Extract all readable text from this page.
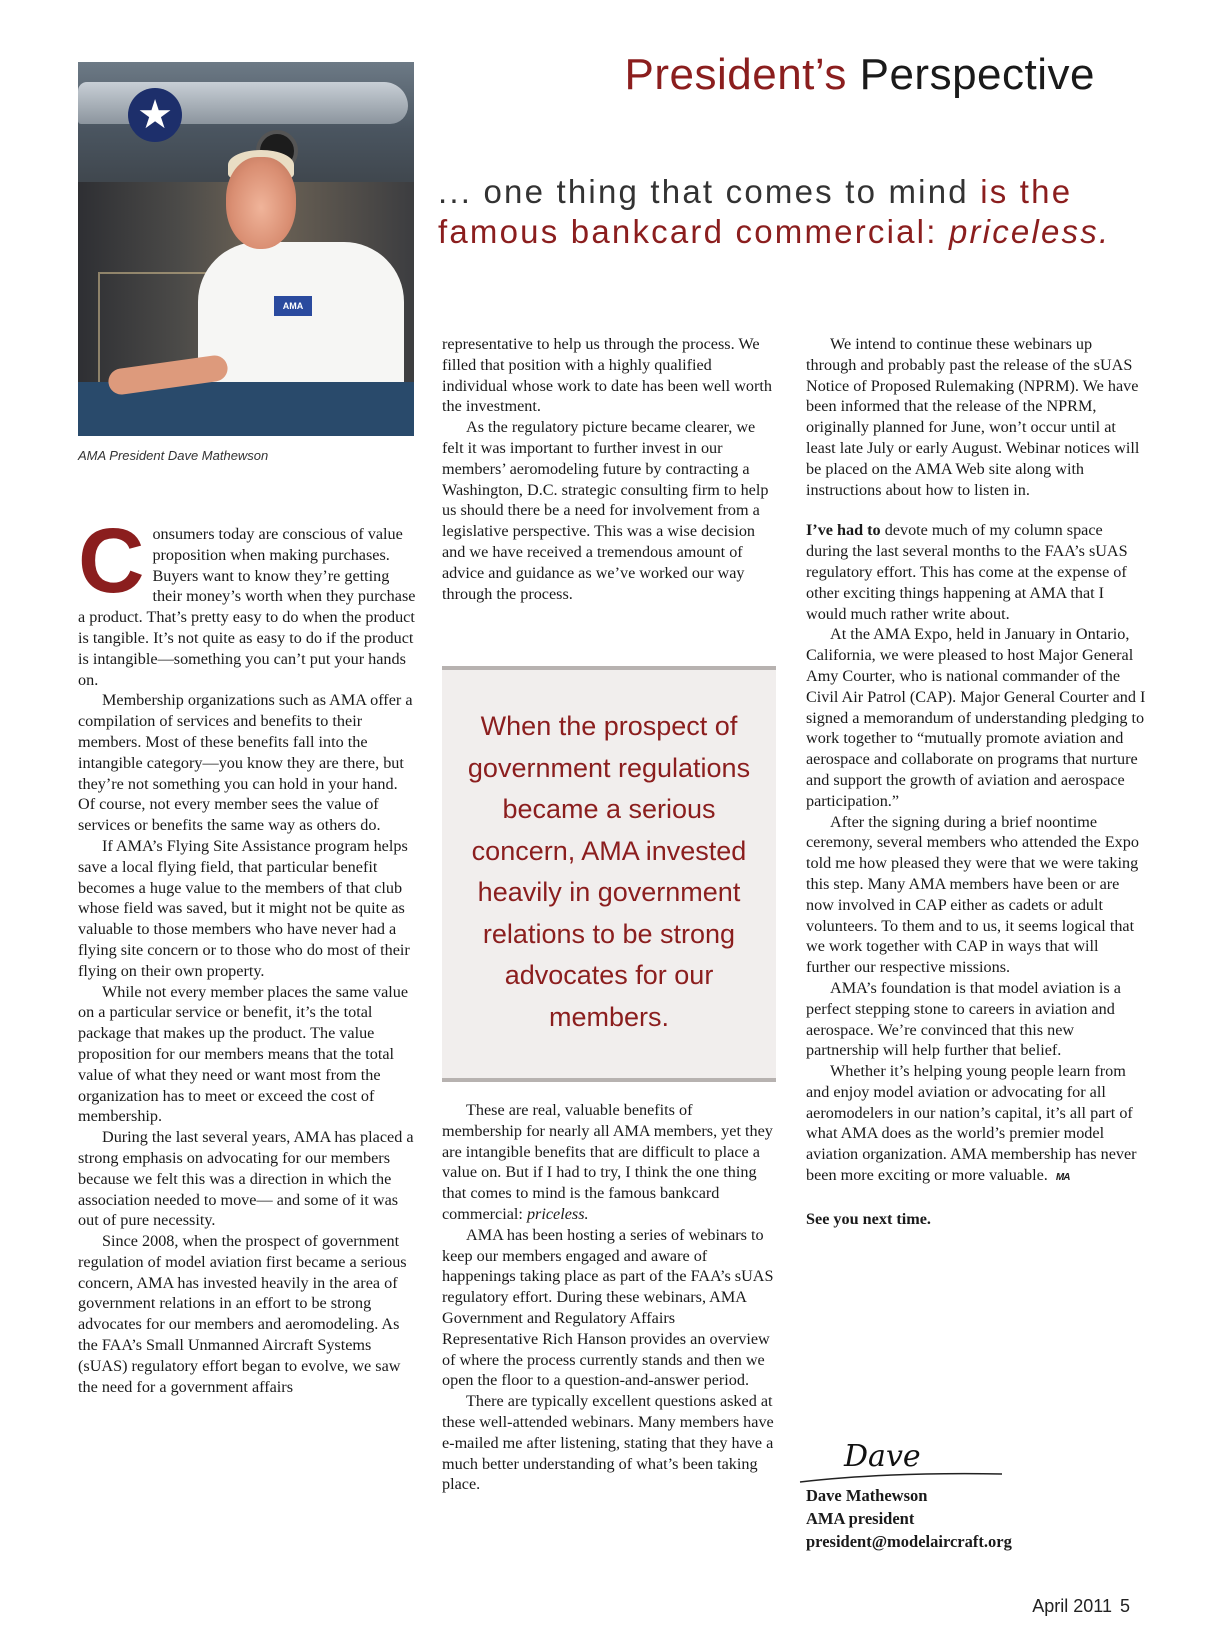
★
AMA
AMA President Dave Mathewson
President’s Perspective
... one thing that comes to mind is the famous bankcard commercial: priceless.

Consumers today are conscious of value proposition when making purchases. Buyers want to know they’re getting their money’s worth when they purchase a product. That’s pretty easy to do when the product is tangible. It’s not quite as easy to do if the product is intangible—something you can’t put your hands on.

Membership organizations such as AMA offer a compilation of services and benefits to their members. Most of these benefits fall into the intangible category—you know they are there, but they’re not something you can hold in your hand. Of course, not every member sees the value of services or benefits the same way as others do.

If AMA’s Flying Site Assistance program helps save a local flying field, that particular benefit becomes a huge value to the members of that club whose field was saved, but it might not be quite as valuable to those members who have never had a flying site concern or to those who do most of their flying on their own property.

While not every member places the same value on a particular service or benefit, it’s the total package that makes up the product. The value proposition for our members means that the total value of what they need or want most from the organization has to meet or exceed the cost of membership.

During the last several years, AMA has placed a strong emphasis on advocating for our members because we felt this was a direction in which the association needed to move— and some of it was out of pure necessity.

Since 2008, when the prospect of government regulation of model aviation first became a serious concern, AMA has invested heavily in the area of government relations in an effort to be strong advocates for our members and aeromodeling. As the FAA’s Small Unmanned Aircraft Systems (sUAS) regulatory effort began to evolve, we saw the need for a government affairs

representative to help us through the process. We filled that position with a highly qualified individual whose work to date has been well worth the investment.

As the regulatory picture became clearer, we felt it was important to further invest in our members’ aeromodeling future by contracting a Washington, D.C. strategic consulting firm to help us should there be a need for involvement from a legislative perspective. This was a wise decision and we have received a tremendous amount of advice and guidance as we’ve worked our way through the process.

When the prospect of government regulations became a serious concern, AMA invested heavily in government relations to be strong advocates for our members.

These are real, valuable benefits of membership for nearly all AMA members, yet they are intangible benefits that are difficult to place a value on. But if I had to try, I think the one thing that comes to mind is the famous bankcard commercial: priceless.

AMA has been hosting a series of webinars to keep our members engaged and aware of happenings taking place as part of the FAA’s sUAS regulatory effort. During these webinars, AMA Government and Regulatory Affairs Representative Rich Hanson provides an overview of where the process currently stands and then we open the floor to a question-and-answer period.

There are typically excellent questions asked at these well-attended webinars. Many members have e-mailed me after listening, stating that they have a much better understanding of what’s been taking place.

We intend to continue these webinars up through and probably past the release of the sUAS Notice of Proposed Rulemaking (NPRM). We have been informed that the release of the NPRM, originally planned for June, won’t occur until at least late July or early August. Webinar notices will be placed on the AMA Web site along with instructions about how to listen in.

I’ve had to devote much of my column space during the last several months to the FAA’s sUAS regulatory effort. This has come at the expense of other exciting things happening at AMA that I would much rather write about.

At the AMA Expo, held in January in Ontario, California, we were pleased to host Major General Amy Courter, who is national commander of the Civil Air Patrol (CAP). Major General Courter and I signed a memorandum of understanding pledging to work together to “mutually promote aviation and aerospace and collaborate on programs that nurture and support the growth of aviation and aerospace participation.”

After the signing during a brief noontime ceremony, several members who attended the Expo told me how pleased they were that we were taking this step. Many AMA members have been or are now involved in CAP either as cadets or adult volunteers. To them and to us, it seems logical that we work together with CAP in ways that will further our respective missions.

AMA’s foundation is that model aviation is a perfect stepping stone to careers in aviation and aerospace. We’re convinced that this new partnership will help further that belief.

Whether it’s helping young people learn from and enjoy model aviation or advocating for all aeromodelers in our nation’s capital, it’s all part of what AMA does as the world’s premier model aviation organization. AMA membership has never been more exciting or more valuable. MA

See you next time.

Dave
Dave Mathewson
AMA president
president@modelaircraft.org
April 2011 5
